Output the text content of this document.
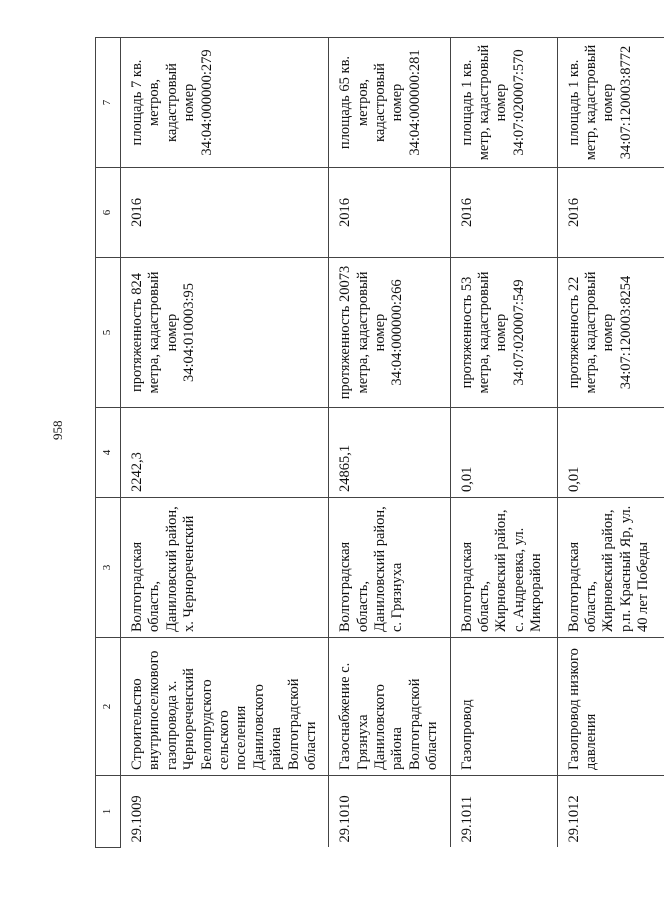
958
1	2	3	4	5	6	7
29.1009	Строительство внутрипоселкового газопровода х. Чернореченский Белопрудского сельского поселения Даниловского района Волгоградской области	Волгоградская область, Даниловский район, х. Чернореченский	2242,3	протяженность 824 метра, кадастровый номер 34:04:010003:95	2016	площадь 7 кв. метров, кадастровый номер 34:04:000000:279
29.1010	Газоснабжение с. Грязнуха Даниловского района Волгоградской области	Волгоградская область, Даниловский район, с. Грязнуха	24865,1	протяженность 20073 метра, кадастровый номер 34:04:000000:266	2016	площадь 65 кв. метров, кадастровый номер 34:04:000000:281
29.1011	Газопровод	Волгоградская область, Жирновский район, с. Андреевка, ул. Микрорайон	0,01	протяженность 53 метра, кадастровый номер 34:07:020007:549	2016	площадь 1 кв. метр, кадастровый номер 34:07:020007:570
29.1012	Газопровод низкого давления	Волгоградская область, Жирновский район, р.п. Красный Яр, ул. 40 лет Победы	0,01	протяженность 22 метра, кадастровый номер 34:07:120003:8254	2016	площадь 1 кв. метр, кадастровый номер 34:07:120003:8772
